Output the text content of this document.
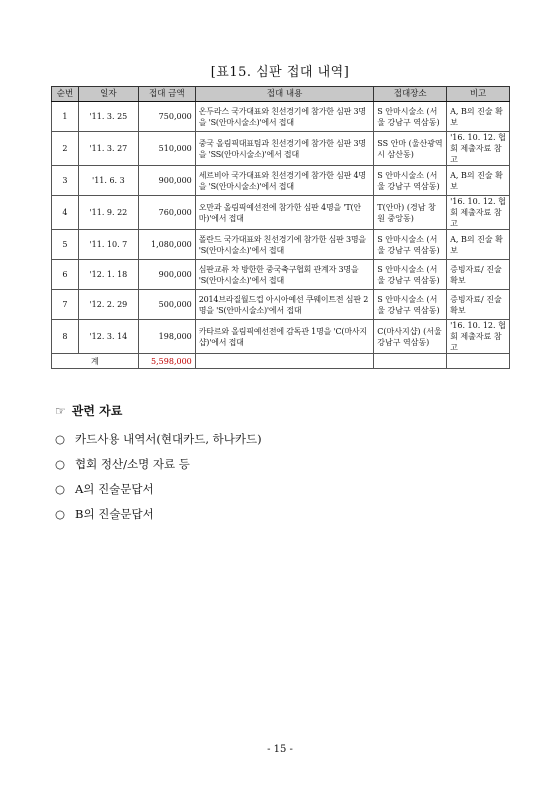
[표15. 심판 접대 내역]
순번	일자	접대 금액	접대 내용	접대장소	비고
1	'11. 3. 25	750,000	온두라스 국가대표와 친선경기에 참가한 심판 3명을 'S(안마시술소)'에서 접대	S 안마시술소 (서울 강남구 역삼동)	A, B의 진술 확보
2	'11. 3. 27	510,000	중국 올림픽대표팀과 친선경기에 참가한 심판 3명을 'SS(안마시술소)'에서 접대	SS 안마 (울산광역시 삼산동)	'16. 10. 12. 협회 제출자료 참고
3	'11. 6. 3	900,000	세르비아 국가대표와 친선경기에 참가한 심판 4명을 'S(안마시술소)'에서 접대	S 안마시술소 (서울 강남구 역삼동)	A, B의 진술 확보
4	'11. 9. 22	760,000	오만과 올림픽예선전에 참가한 심판 4명을 'T(안마)'에서 접대	T(안마) (경남 창원 중앙동)	'16. 10. 12. 협회 제출자료 참고
5	'11. 10. 7	1,080,000	폴란드 국가대표와 친선경기에 참가한 심판 3명을 'S(안마시술소)'에서 접대	S 안마시술소 (서울 강남구 역삼동)	A, B의 진술 확보
6	'12. 1. 18	900,000	심판교류 차 방한한 중국축구협회 관계자 3명을 'S(안마시술소)'에서 접대	S 안마시술소 (서울 강남구 역삼동)	증빙자료/ 진술 확보
7	'12. 2. 29	500,000	2014브라질월드컵 아시아예선 쿠웨이트전 심판 2명을 'S(안마시술소)'에서 접대	S 안마시술소 (서울 강남구 역삼동)	증빙자료/ 진술 확보
8	'12. 3. 14	198,000	카타르와 올림픽예선전에 감독관 1명을 'C(마사지샵)'에서 접대	C(마사지샵) (서울 강남구 역삼동)	'16. 10. 12. 협회 제출자료 참고
계		5,598,000			
☞ 관련 자료
○ 카드사용 내역서(현대카드, 하나카드)
○ 협회 정산/소명 자료 등
○ A의 진술문답서
○ B의 진술문답서
- 15 -
